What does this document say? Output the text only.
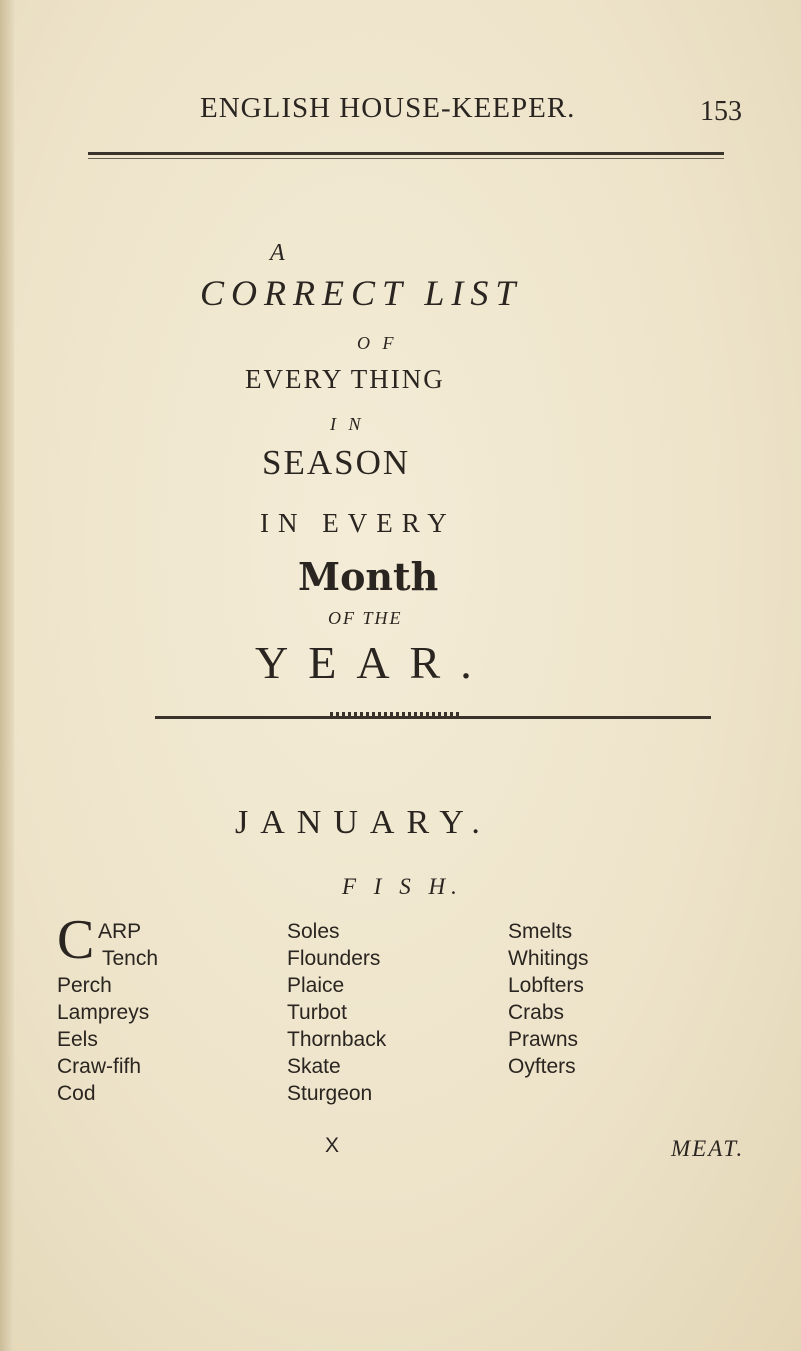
ENGLISH HOUSE-KEEPER.	153
A
CORRECT LIST
O F
EVERY THING
I N
SEASON
IN EVERY
Month
OF THE
YEAR.
JANUARY.
F I S H.
C ARP
Tench
Perch
Lampreys
Eels
Craw-fifh
Cod
Soles
Flounders
Plaice
Turbot
Thornback
Skate
Sturgeon
Smelts
Whitings
Lobfters
Crabs
Prawns
Oyfters
X	MEAT.
